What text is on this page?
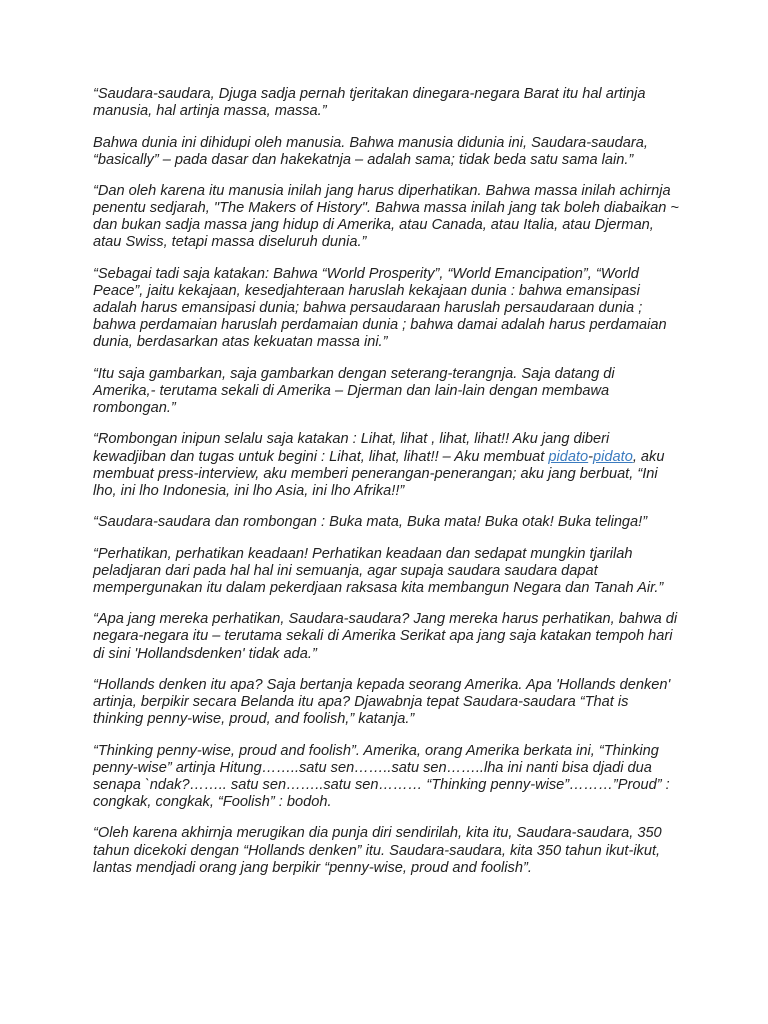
“Saudara-saudara, Djuga sadja pernah tjeritakan dinegara-negara Barat itu hal artinja manusia, hal artinja massa, massa.”

Bahwa dunia ini dihidupi oleh manusia. Bahwa manusia didunia ini, Saudara-saudara, “basically” – pada dasar dan hakekatnja – adalah sama; tidak beda satu sama lain.”

“Dan oleh karena itu manusia inilah jang harus diperhatikan. Bahwa massa inilah achirnja penentu sedjarah, "The Makers of History". Bahwa massa inilah jang tak boleh diabaikan ~ dan bukan sadja massa jang hidup di Amerika, atau Canada, atau Italia, atau Djerman, atau Swiss, tetapi massa diseluruh dunia.”

“Sebagai tadi saja katakan: Bahwa “World Prosperity”, “World Emancipation”, “World Peace”, jaitu kekajaan, kesedjahteraan haruslah kekajaan dunia : bahwa emansipasi adalah harus emansipasi dunia; bahwa persaudaraan haruslah persaudaraan dunia ; bahwa perdamaian haruslah perdamaian dunia ; bahwa damai adalah harus perdamaian dunia, berdasarkan atas kekuatan massa ini.”

“Itu saja gambarkan, saja gambarkan dengan seterang-terangnja. Saja datang di Amerika,- terutama sekali di Amerika – Djerman dan lain-lain dengan membawa rombongan.”

“Rombongan inipun selalu saja katakan : Lihat, lihat , lihat, lihat!! Aku jang diberi kewadjiban dan tugas untuk begini : Lihat, lihat, lihat!! – Aku membuat pidato-pidato, aku membuat press-interview, aku memberi penerangan-penerangan; aku jang berbuat, “Ini lho, ini lho Indonesia, ini lho Asia, ini lho Afrika!!”

“Saudara-saudara dan rombongan : Buka mata, Buka mata! Buka otak! Buka telinga!”

“Perhatikan, perhatikan keadaan! Perhatikan keadaan dan sedapat mungkin tjarilah peladjaran dari pada hal hal ini semuanja, agar supaja saudara saudara dapat mempergunakan itu dalam pekerdjaan raksasa kita membangun Negara dan Tanah Air.”

“Apa jang mereka perhatikan, Saudara-saudara? Jang mereka harus perhatikan, bahwa di negara-negara itu – terutama sekali di Amerika Serikat apa jang saja katakan tempoh hari di sini 'Hollandsdenken' tidak ada.”

“Hollands denken itu apa? Saja bertanja kepada seorang Amerika. Apa 'Hollands denken' artinja, berpikir secara Belanda itu apa? Djawabnja tepat Saudara-saudara “That is thinking penny-wise, proud, and foolish,” katanja.”

“Thinking penny-wise, proud and foolish”. Amerika, orang Amerika berkata ini, “Thinking penny-wise” artinja Hitung……..satu sen……..satu sen……..lha ini nanti bisa djadi dua senapa `ndak?…….. satu sen……..satu sen……… “Thinking penny-wise”………”Proud” : congkak, congkak, “Foolish” : bodoh.

“Oleh karena akhirnja merugikan dia punja diri sendirilah, kita itu, Saudara-saudara, 350 tahun dicekoki dengan “Hollands denken” itu. Saudara-saudara, kita 350 tahun ikut-ikut, lantas mendjadi orang jang berpikir “penny-wise, proud and foolish”.
